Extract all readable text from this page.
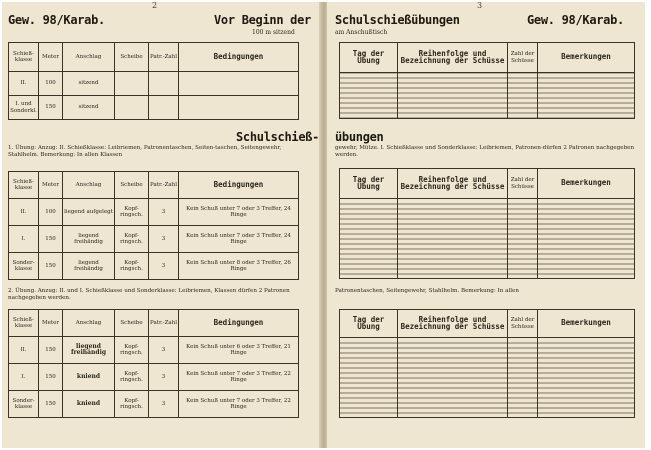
2
Gew. 98/Karab.	Vor Beginn der
100 m sitzend
Schieß-klasse	Meter	Anschlag	Scheibe	Patr.-Zahl	Bedingungen
II.	100	sitzend			
I. und Sonderkl.	150	sitzend			
Schulschieß-
1. Übung: Anzug: II. Schießklasse: Leibriemen, Patronentaschen, Seiten-taschen, Seitengewehr, Stahlhelm. Bemerkung: In allen Klassen
Schieß-klasse	Meter	Anschlag	Scheibe	Patr.-Zahl	Bedingungen
II.	100	liegend aufgelegt	Kopf-ringsch.	3	Kein Schuß unter 7 oder 3 Treffer, 24 Ringe
I.	150	liegend freihändig	Kopf-ringsch.	3	Kein Schuß unter 7 oder 3 Treffer, 24 Ringe
Sonder-klasse	150	liegend freihändig	Kopf-ringsch.	3	Kein Schuß unter 8 oder 3 Treffer, 26 Ringe
2. Übung. Anzug: II. und I. Schießklasse und Sonderklasse: Leibriemen, Klassen dürfen 2 Patronen nachgegeben werden.
Schieß-klasse	Meter	Anschlag	Scheibe	Patr.-Zahl	Bedingungen
II.	150	liegend freihändig	Kopf-ringsch.	3	Kein Schuß unter 6 oder 3 Treffer, 21 Ringe
I.	150	kniend	Kopf-ringsch.	3	Kein Schuß unter 7 oder 3 Treffer, 22 Ringe
Sonder-klasse	150	kniend	Kopf-ringsch.	3	Kein Schuß unter 7 oder 3 Treffer, 22 Ringe
3
Schulschießübungen
am Anschußtisch
Gew. 98/Karab.
Tag der Übung	Reihenfolge und Bezeichnung der Schüsse	Zahl der Schüsse	Bemerkungen

übungen
gewehr, Mütze. I. Schießklasse und Sonderklasse: Leibriemen, Patronen-dürfen 2 Patronen nachgegeben werden.
Tag der Übung	Reihenfolge und Bezeichnung der Schüsse	Zahl der Schüsse	Bemerkungen

Patronentaschen, Seitengewehr, Stahlhelm. Bemerkung: In allen
Tag der Übung	Reihenfolge und Bezeichnung der Schüsse	Zahl der Schüsse	Bemerkungen
